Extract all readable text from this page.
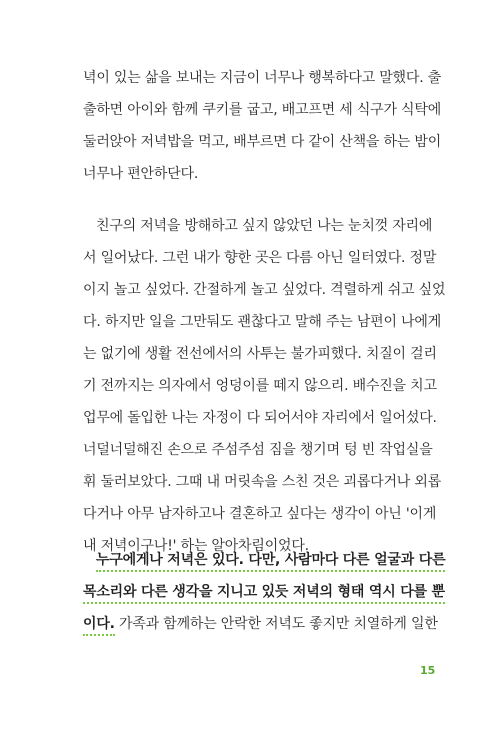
녁이 있는 삶을 보내는 지금이 너무나 행복하다고 말했다. 출
출하면 아이와 함께 쿠키를 굽고, 배고프면 세 식구가 식탁에
둘러앉아 저녁밥을 먹고, 배부르면 다 같이 산책을 하는 밤이
너무나 편안하단다.
친구의 저녁을 방해하고 싶지 않았던 나는 눈치껏 자리에
서 일어났다. 그런 내가 향한 곳은 다름 아닌 일터였다. 정말
이지 놀고 싶었다. 간절하게 놀고 싶었다. 격렬하게 쉬고 싶었
다. 하지만 일을 그만둬도 괜찮다고 말해 주는 남편이 나에게
는 없기에 생활 전선에서의 사투는 불가피했다. 치질이 걸리
기 전까지는 의자에서 엉덩이를 떼지 않으리. 배수진을 치고
업무에 돌입한 나는 자정이 다 되어서야 자리에서 일어섰다.
너덜너덜해진 손으로 주섬주섬 짐을 챙기며 텅 빈 작업실을
휘 둘러보았다. 그때 내 머릿속을 스친 것은 괴롭다거나 외롭
다거나 아무 남자하고나 결혼하고 싶다는 생각이 아닌 '이게
내 저녁이구나!' 하는 알아차림이었다.
누구에게나 저녁은 있다. 다만, 사람마다 다른 얼굴과 다른
목소리와 다른 생각을 지니고 있듯 저녁의 형태 역시 다를 뿐
이다. 가족과 함께하는 안락한 저녁도 좋지만 치열하게 일한
15
